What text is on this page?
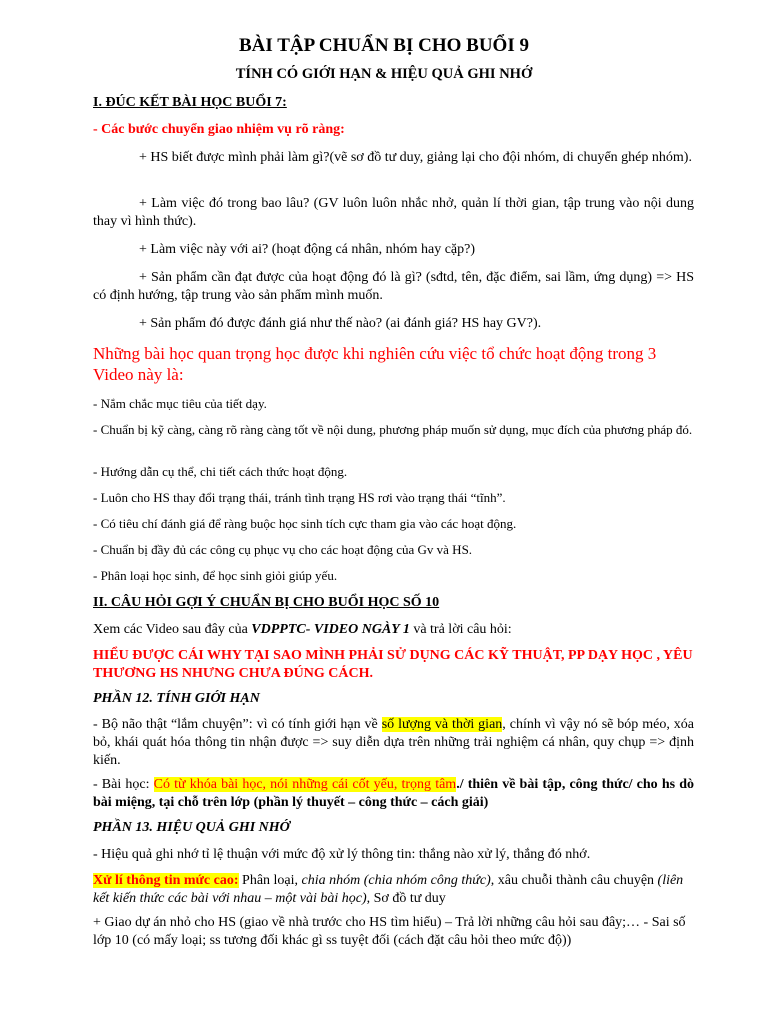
BÀI TẬP CHUẨN BỊ CHO BUỔI 9
TÍNH CÓ GIỚI HẠN & HIỆU QUẢ GHI NHỚ
I. ĐÚC KẾT BÀI HỌC BUỔI 7:
- Các bước chuyển giao nhiệm vụ rõ ràng:
+ HS biết được mình phải làm gì?(vẽ sơ đồ tư duy, giảng lại cho đội nhóm, di chuyển ghép nhóm).
+ Làm việc đó trong bao lâu? (GV luôn luôn nhắc nhở, quản lí thời gian, tập trung vào nội dung thay vì hình thức).
+ Làm việc này với ai? (hoạt động cá nhân, nhóm hay cặp?)
+ Sản phẩm cần đạt được của hoạt động đó là gì? (sđtd, tên, đặc điểm, sai lầm, ứng dụng) => HS có định hướng, tập trung vào sản phẩm mình muốn.
+ Sản phẩm đó được đánh giá như thế nào? (ai đánh giá? HS hay GV?).
Những bài học quan trọng học được khi nghiên cứu việc tổ chức hoạt động trong 3 Video này là:
- Nắm chắc mục tiêu của tiết dạy.
- Chuẩn bị kỹ càng, càng rõ ràng càng tốt về nội dung, phương pháp muốn sử dụng, mục đích của phương pháp đó.
- Hướng dẫn cụ thể, chi tiết cách thức hoạt động.
- Luôn cho HS thay đổi trạng thái, tránh tình trạng HS rơi vào trạng thái “tĩnh”.
- Có tiêu chí đánh giá để ràng buộc học sinh tích cực tham gia vào các hoạt động.
- Chuẩn bị đầy đủ các công cụ phục vụ cho các hoạt động của Gv và HS.
- Phân loại học sinh, để học sinh giỏi giúp yếu.
II. CÂU HỎI GỢI Ý CHUẨN BỊ CHO BUỔI HỌC SỐ 10
Xem các Video sau đây của VDPPTC- VIDEO NGÀY 1 và trả lời câu hỏi:
HIỂU ĐƯỢC CÁI WHY TẠI SAO MÌNH PHẢI SỬ DỤNG CÁC KỸ THUẬT, PP DẠY HỌC , YÊU THƯƠNG HS NHƯNG CHƯA ĐÚNG CÁCH.
PHẦN 12. TÍNH GIỚI HẠN
- Bộ não thật “lắm chuyện”: vì có tính giới hạn về số lượng và thời gian, chính vì vậy nó sẽ bóp méo, xóa bỏ, khái quát hóa thông tin nhận được => suy diễn dựa trên những trải nghiệm cá nhân, quy chụp => định kiến.
- Bài học: Có từ khóa bài học, nói những cái cốt yếu, trọng tâm./ thiên về bài tập, công thức/ cho hs dò bài miệng, tại chỗ trên lớp (phần lý thuyết – công thức – cách giải)
PHẦN 13. HIỆU QUẢ GHI NHỚ
- Hiệu quả ghi nhớ tỉ lệ thuận với mức độ xử lý thông tin: thắng nào xử lý, thắng đó nhớ.
Xử lí thông tin mức cao: Phân loại, chia nhóm (chia nhóm công thức), xâu chuỗi thành câu chuyện (liên kết kiến thức các bài với nhau – một vài bài học), Sơ đồ tư duy
+ Giao dự án nhỏ cho HS (giao về nhà trước cho HS tìm hiểu) – Trả lời những câu hỏi sau đây;… - Sai số lớp 10 (có mấy loại; ss tương đối khác gì ss tuyệt đối (cách đặt câu hỏi theo mức độ))
